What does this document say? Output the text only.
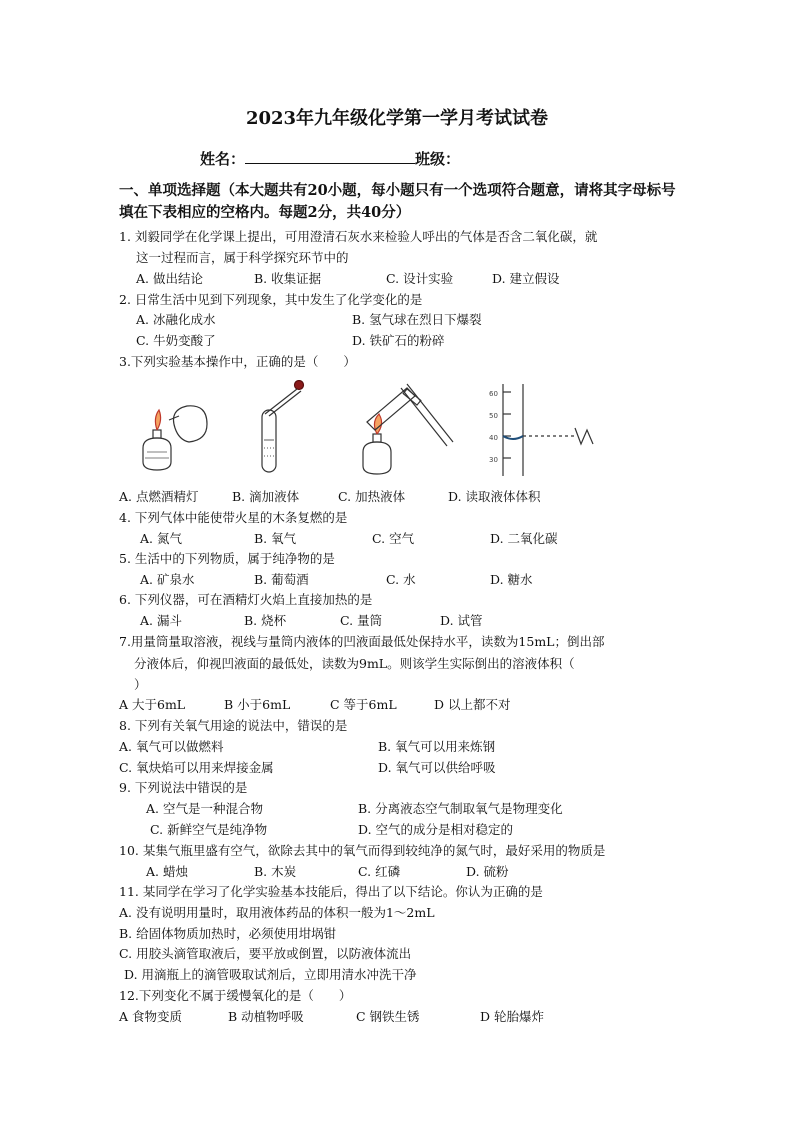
2023年九年级化学第一学月考试试卷
姓名：	班级：
一、单项选择题（本大题共有20小题，每小题只有一个选项符合题意，请将其字母标号填在下表相应的空格内。每题2分，共40分）
1. 刘毅同学在化学课上提出，可用澄清石灰水来检验人呼出的气体是否含二氧化碳，就
这一过程而言，属于科学探究环节中的
A. 做出结论	B. 收集证据	C. 设计实验	D. 建立假设
2. 日常生活中见到下列现象，其中发生了化学变化的是
A. 冰融化成水	B. 氢气球在烈日下爆裂
C. 牛奶变酸了	D. 铁矿石的粉碎
3.下列实验基本操作中，正确的是（　　）
60
50
40
30
A. 点燃酒精灯	B. 滴加液体	C. 加热液体	D. 读取液体体积
4. 下列气体中能使带火星的木条复燃的是
A. 氮气	B. 氧气	C. 空气	D. 二氧化碳
5. 生活中的下列物质，属于纯净物的是
A. 矿泉水	B. 葡萄酒	C. 水	D. 糖水
6. 下列仪器，可在酒精灯火焰上直接加热的是
A. 漏斗	B. 烧杯	C. 量筒	D. 试管
7.用量筒量取溶液，视线与量筒内液体的凹液面最低处保持水平，读数为15mL；倒出部
分液体后，仰视凹液面的最低处，读数为9mL。则该学生实际倒出的溶液体积（
）
A 大于6mL	B 小于6mL	C 等于6mL	D 以上都不对
8. 下列有关氧气用途的说法中，错误的是
A. 氧气可以做燃料	B. 氧气可以用来炼钢
C. 氧炔焰可以用来焊接金属	D. 氧气可以供给呼吸
9. 下列说法中错误的是
A. 空气是一种混合物	B. 分离液态空气制取氧气是物理变化
C. 新鲜空气是纯净物	D. 空气的成分是相对稳定的
10. 某集气瓶里盛有空气，欲除去其中的氧气而得到较纯净的氮气时，最好采用的物质是
A. 蜡烛	B. 木炭	C. 红磷	D. 硫粉
11. 某同学在学习了化学实验基本技能后，得出了以下结论。你认为正确的是
A. 没有说明用量时，取用液体药品的体积一般为1～2mL
B. 给固体物质加热时，必须使用坩埚钳
C. 用胶头滴管取液后，要平放或倒置，以防液体流出
D. 用滴瓶上的滴管吸取试剂后，立即用清水冲洗干净
12.下列变化不属于缓慢氧化的是（　　）
A 食物变质	B 动植物呼吸	C 钢铁生锈	D 轮胎爆炸
